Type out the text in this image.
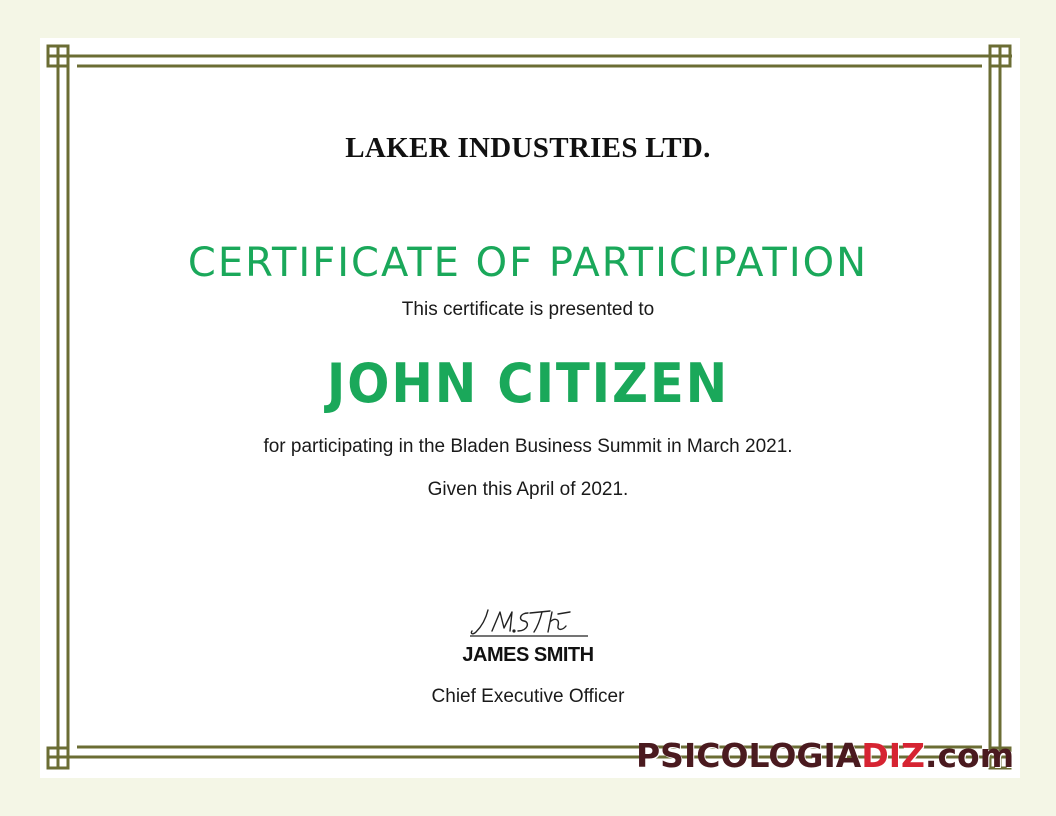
LAKER INDUSTRIES LTD.
CERTIFICATE OF PARTICIPATION
This certificate is presented to
JOHN CITIZEN
for participating in the Bladen Business Summit in March 2021.
Given this April of 2021.
JAMES SMITH
Chief Executive Officer
PSICOLOGIADIZ.com
